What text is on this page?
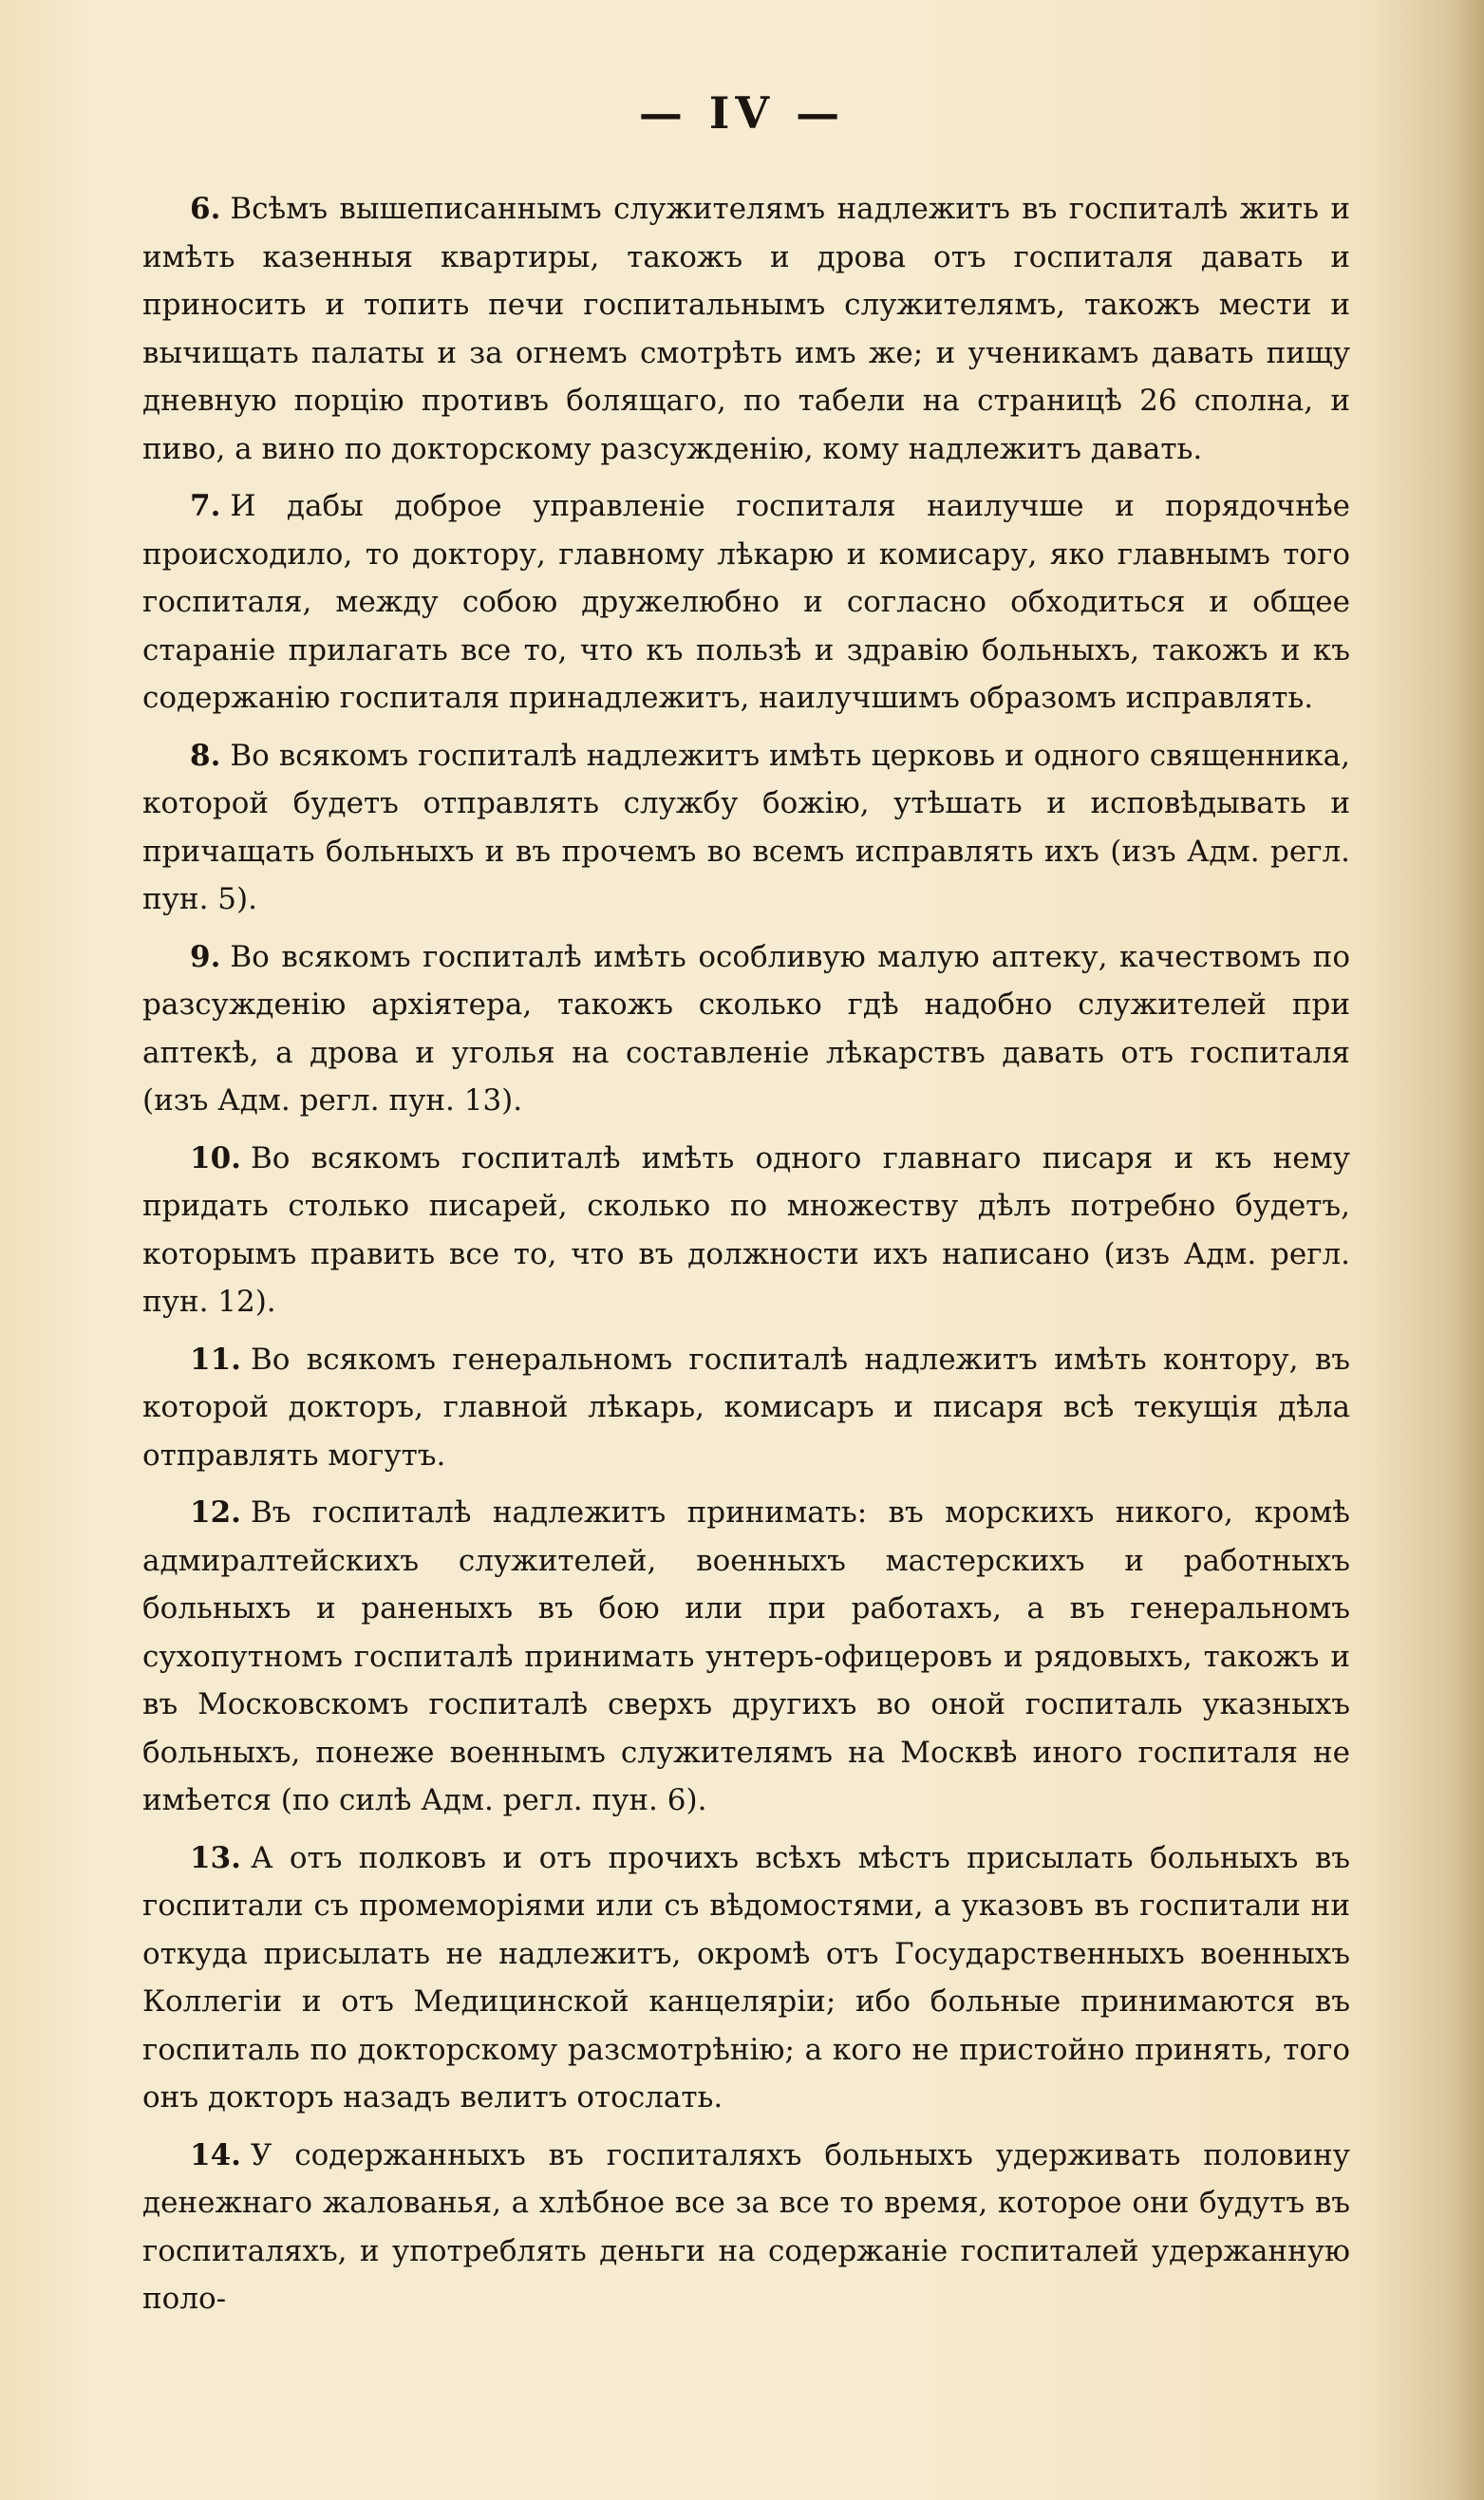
— IV —

6. Всѣмъ вышеписаннымъ служителямъ надлежитъ въ госпиталѣ жить и имѣть казенныя квартиры, такожъ и дрова отъ госпиталя давать и приносить и топить печи госпитальнымъ служителямъ, такожъ мести и вычищать палаты и за огнемъ смотрѣть имъ же; и ученикамъ давать пищу дневную порцію противъ болящаго, по табели на страницѣ 26 сполна, и пиво, а вино по докторскому разсужденію, кому надлежитъ давать.

7. И дабы доброе управленіе госпиталя наилучше и порядочнѣе происходило, то доктору, главному лѣкарю и комисару, яко главнымъ того госпиталя, между собою дружелюбно и согласно обходиться и общее стараніе прилагать все то, что къ пользѣ и здравію больныхъ, такожъ и къ содержанію госпиталя принадлежитъ, наилучшимъ образомъ исправлять.

8. Во всякомъ госпиталѣ надлежитъ имѣть церковь и одного священника, которой будетъ отправлять службу божію, утѣшать и исповѣдывать и причащать больныхъ и въ прочемъ во всемъ исправлять ихъ (изъ Адм. регл. пун. 5).

9. Во всякомъ госпиталѣ имѣть особливую малую аптеку, качествомъ по разсужденію архіятера, такожъ сколько гдѣ надобно служителей при аптекѣ, а дрова и уголья на составленіе лѣкарствъ давать отъ госпиталя (изъ Адм. регл. пун. 13).

10. Во всякомъ госпиталѣ имѣть одного главнаго писаря и къ нему придать столько писарей, сколько по множеству дѣлъ потребно будетъ, которымъ править все то, что въ должности ихъ написано (изъ Адм. регл. пун. 12).

11. Во всякомъ генеральномъ госпиталѣ надлежитъ имѣть контору, въ которой докторъ, главной лѣкарь, комисаръ и писаря всѣ текущія дѣла отправлять могутъ.

12. Въ госпиталѣ надлежитъ принимать: въ морскихъ никого, кромѣ адмиралтейскихъ служителей, военныхъ мастерскихъ и работныхъ больныхъ и раненыхъ въ бою или при работахъ, а въ генеральномъ сухопутномъ госпиталѣ принимать унтеръ-офицеровъ и рядовыхъ, такожъ и въ Московскомъ госпиталѣ сверхъ другихъ во оной госпиталь указныхъ больныхъ, понеже военнымъ служителямъ на Москвѣ иного госпиталя не имѣется (по силѣ Адм. регл. пун. 6).

13. А отъ полковъ и отъ прочихъ всѣхъ мѣстъ присылать больныхъ въ госпитали съ промеморіями или съ вѣдомостями, а указовъ въ госпитали ни откуда присылать не надлежитъ, окромѣ отъ Государственныхъ военныхъ Коллегіи и отъ Медицинской канцеляріи; ибо больные принимаются въ госпиталь по докторскому разсмотрѣнію; а кого не пристойно принять, того онъ докторъ назадъ велитъ отослать.

14. У содержанныхъ въ госпиталяхъ больныхъ удерживать половину денежнаго жалованья, а хлѣбное все за все то время, которое они будутъ въ госпиталяхъ, и употреблять деньги на содержаніе госпиталей удержанную поло-
